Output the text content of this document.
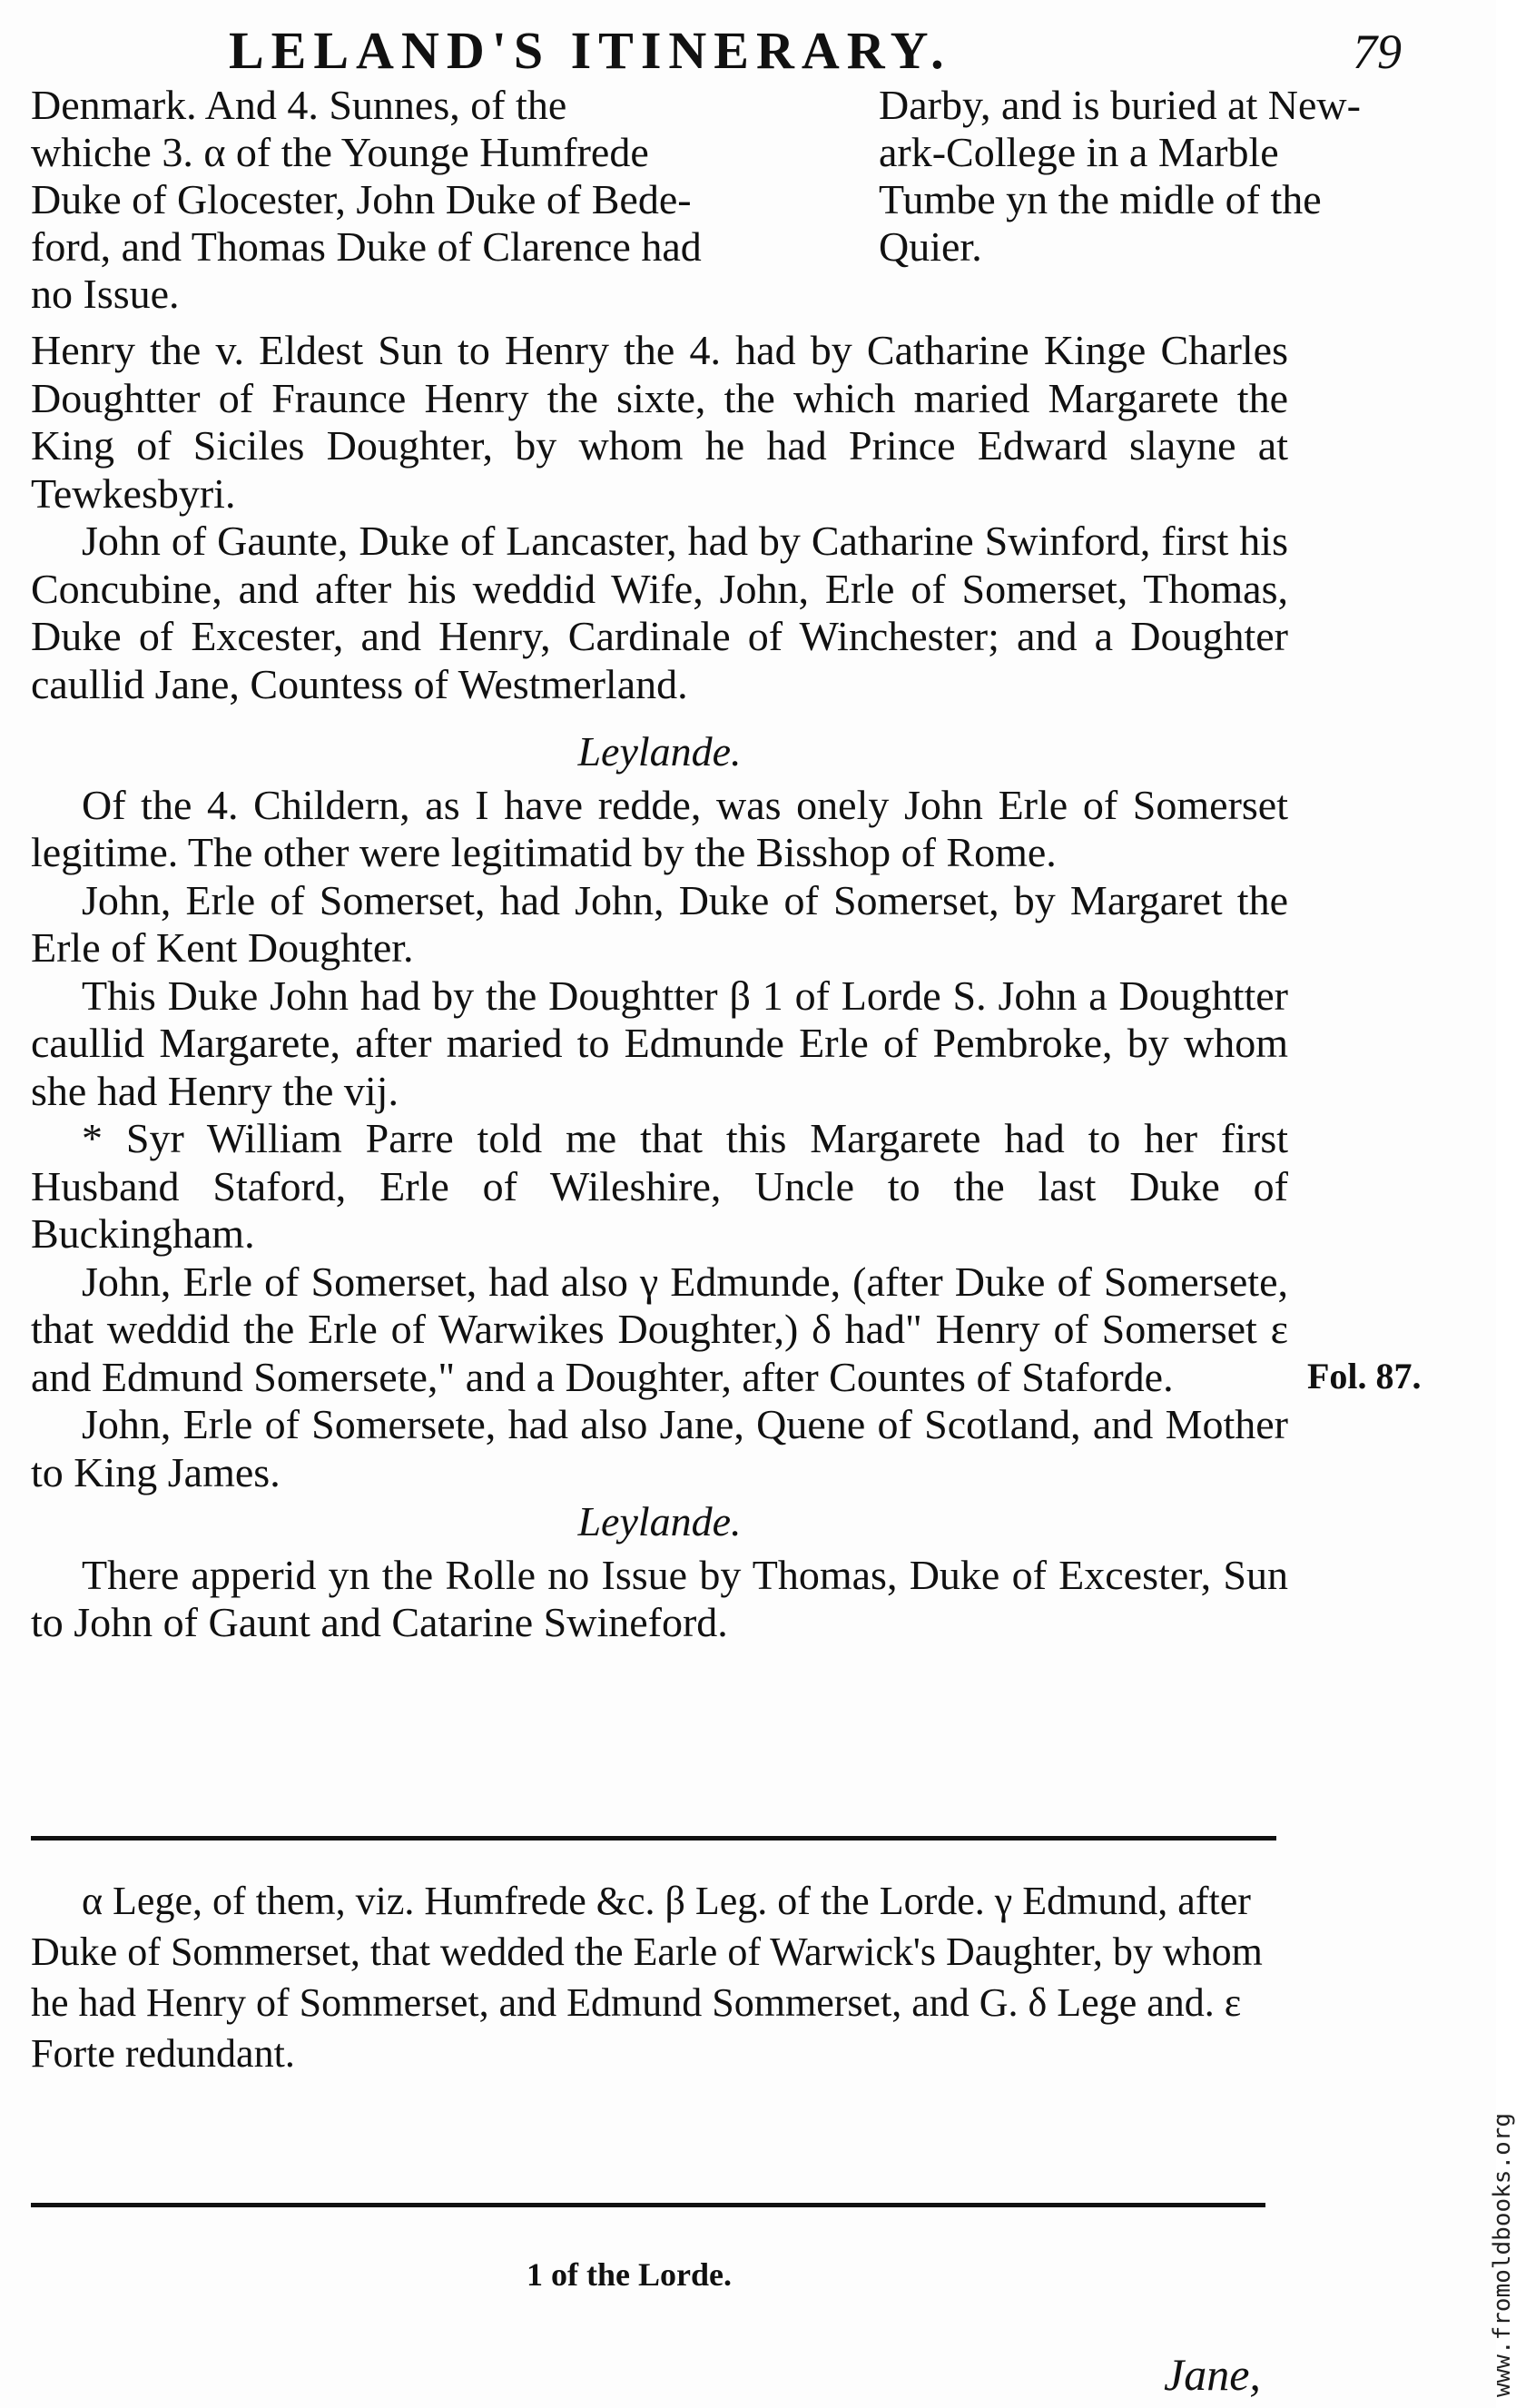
LELAND'S ITINERARY.	79
Denmark. And 4. Sunnes, of the
whiche 3. α of the Younge Humfrede
Duke of Glocester, John Duke of Bede-
ford, and Thomas Duke of Clarence had
no Issue.
Darby, and is buried at New-
ark-College in a Marble
Tumbe yn the midle of the
Quier.

Henry the v. Eldest Sun to Henry the 4. had by Catharine Kinge Charles Doughtter of Fraunce Henry the sixte, the which maried Margarete the King of Siciles Doughter, by whom he had Prince Edward slayne at Tewkesbyri.

John of Gaunte, Duke of Lancaster, had by Catharine Swinford, first his Concubine, and after his weddid Wife, John, Erle of Somerset, Thomas, Duke of Excester, and Henry, Cardinale of Winchester; and a Doughter caullid Jane, Countess of Westmerland.

Leylande.

Of the 4. Childern, as I have redde, was onely John Erle of Somerset legitime. The other were legitimatid by the Bisshop of Rome.

John, Erle of Somerset, had John, Duke of Somerset, by Margaret the Erle of Kent Doughter.

This Duke John had by the Doughtter β 1 of Lorde S. John a Doughtter caullid Margarete, after maried to Edmunde Erle of Pembroke, by whom she had Henry the vij.

* Syr William Parre told me that this Margarete had to her first Husband Staford, Erle of Wileshire, Uncle to the last Duke of Buckingham.

John, Erle of Somerset, had also γ Edmunde, (after Duke of Somersete, that weddid the Erle of Warwikes Doughter,) δ had" Henry of Somerset ε and Edmund Somersete," and a Doughter, after Countes of Staforde.

John, Erle of Somersete, had also Jane, Quene of Scotland, and Mother to King James.

Leylande.

There apperid yn the Rolle no Issue by Thomas, Duke of Excester, Sun to John of Gaunt and Catarine Swineford.

Fol. 87.

α Lege, of them, viz. Humfrede &c. β Leg. of the Lorde. γ Edmund, after Duke of Sommerset, that wedded the Earle of Warwick's Daughter, by whom he had Henry of Sommerset, and Edmund Sommerset, and G. δ Lege and. ε Forte redundant.

1 of the Lorde.
Jane,	www.fromoldbooks.org
